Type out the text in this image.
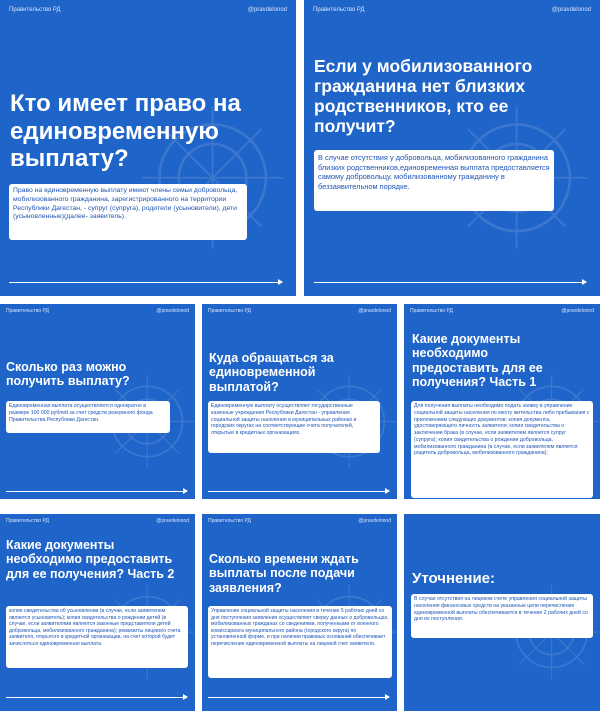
Правительство РД	@pravdelonod
Кто имеет право на единовременную выплату?
Право на единовременную выплату имеют члены семьи добровольца, мобилизованного гражданина, зарегистрированного на территории Республики Дагестан, - супруг (супруга), родители (усыновители), дети (усыновленные)(далее- заявитель).
Правительство РД	@pravdelonod
Если у мобилизованного гражданина нет близких родственников, кто ее получит?
В случае отсутствия у добровольца, мобилизованного гражданина близких родственников,единовременная выплата предоставляется самому добровольцу, мобилизованному гражданину в беззаявительном порядке.
Правительство РД	@pravdelonod
Сколько раз можно получить выплату?
Единовременная выплата осуществляется однократно в размере 100 000 рублей за счет средств резервного фонда Правительства Республики Дагестан.
Правительство РД	@pravdelonod
Куда обращаться за единовременной выплатой?
Единовременную выплату осуществляет государственные казенные учреждения Республики Дагестан - управления социальной защиты населения в муниципальных районах и городских округах на соответствующие счета получателей, открытые в кредитных организациях.
Правительство РД	@pravdelonod
Какие документы необходимо предоставить для ее получения? Часть 1
Для получения выплаты необходимо подать заявку в управление социальной защиты населения по месту жительства либо пребывания с приложением следующих документов: копия документа, удостоверяющего личность заявителя; копия свидетельства о заключении брака (в случае, если заявителем является супруг (супруга); копия свидетельства о рождении добровольца, мобилизованного гражданина (в случае, если заявителем является родитель добровольца, мобилизованного гражданина);
Правительство РД	@pravdelonod
Какие документы необходимо предоставить для ее получения? Часть 2
копия свидетельства об усыновлении (в случае, если заявителем является усыновитель); копия свидетельства о рождении детей (в случае, если заявителями являются законные представители детей добровольца, мобилизованного гражданина); реквизиты лицевого счета заявителя, открытого в кредитной организации, на счет которой будет зачисляться единовременная выплата.
Правительство РД	@pravdelonod
Сколько времени ждать выплаты после подачи заявления?
Управление социальной защиты населения в течение 5 рабочих дней со дня поступления заявления осуществляет сверку данных о добровольцах, мобилизованных гражданах со сведениями, полученными от военного комиссариата муниципального района (городского округа) по установленной форме, и при наличии правовых оснований обеспечивает перечисление единовременной выплаты на лицевой счет заявителя.
Уточнение:
В случае отсутствия на лицевом счете управления социальной защиты населения финансовых средств на указанные цели перечисление единовременной выплаты обеспечивается в течение 2 рабочих дней со дня их поступления.
